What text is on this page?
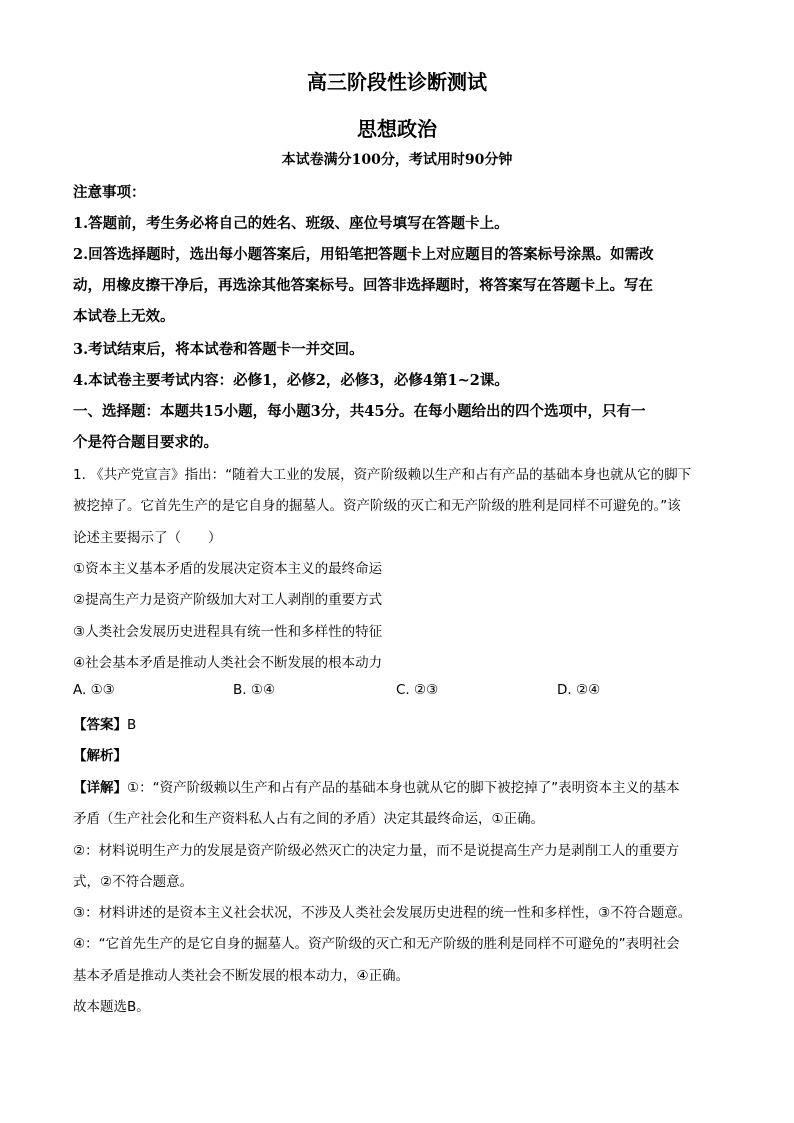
高三阶段性诊断测试
思想政治
本试卷满分100分，考试用时90分钟
注意事项：
1.答题前，考生务必将自己的姓名、班级、座位号填写在答题卡上。
2.回答选择题时，选出每小题答案后，用铅笔把答题卡上对应题目的答案标号涂黑。如需改
动，用橡皮擦干净后，再选涂其他答案标号。回答非选择题时，将答案写在答题卡上。写在
本试卷上无效。
3.考试结束后，将本试卷和答题卡一并交回。
4.本试卷主要考试内容：必修1，必修2，必修3，必修4第1~2课。
一、选择题：本题共15小题，每小题3分，共45分。在每小题给出的四个选项中，只有一
个是符合题目要求的。
1. 《共产党宣言》指出：“随着大工业的发展，资产阶级赖以生产和占有产品的基础本身也就从它的脚下
被挖掉了。它首先生产的是它自身的掘墓人。资产阶级的灭亡和无产阶级的胜利是同样不可避免的。”该
论述主要揭示了（　　）
①资本主义基本矛盾的发展决定资本主义的最终命运
②提高生产力是资产阶级加大对工人剥削的重要方式
③人类社会发展历史进程具有统一性和多样性的特征
④社会基本矛盾是推动人类社会不断发展的根本动力
A. ①③	B. ①④	C. ②③	D. ②④
【答案】B
【解析】
【详解】①：“资产阶级赖以生产和占有产品的基础本身也就从它的脚下被挖掉了”表明资本主义的基本
矛盾（生产社会化和生产资料私人占有之间的矛盾）决定其最终命运，①正确。
②：材料说明生产力的发展是资产阶级必然灭亡的决定力量，而不是说提高生产力是剥削工人的重要方
式，②不符合题意。
③：材料讲述的是资本主义社会状况，不涉及人类社会发展历史进程的统一性和多样性，③不符合题意。
④：“它首先生产的是它自身的掘墓人。资产阶级的灭亡和无产阶级的胜利是同样不可避免的”表明社会
基本矛盾是推动人类社会不断发展的根本动力，④正确。
故本题选B。
